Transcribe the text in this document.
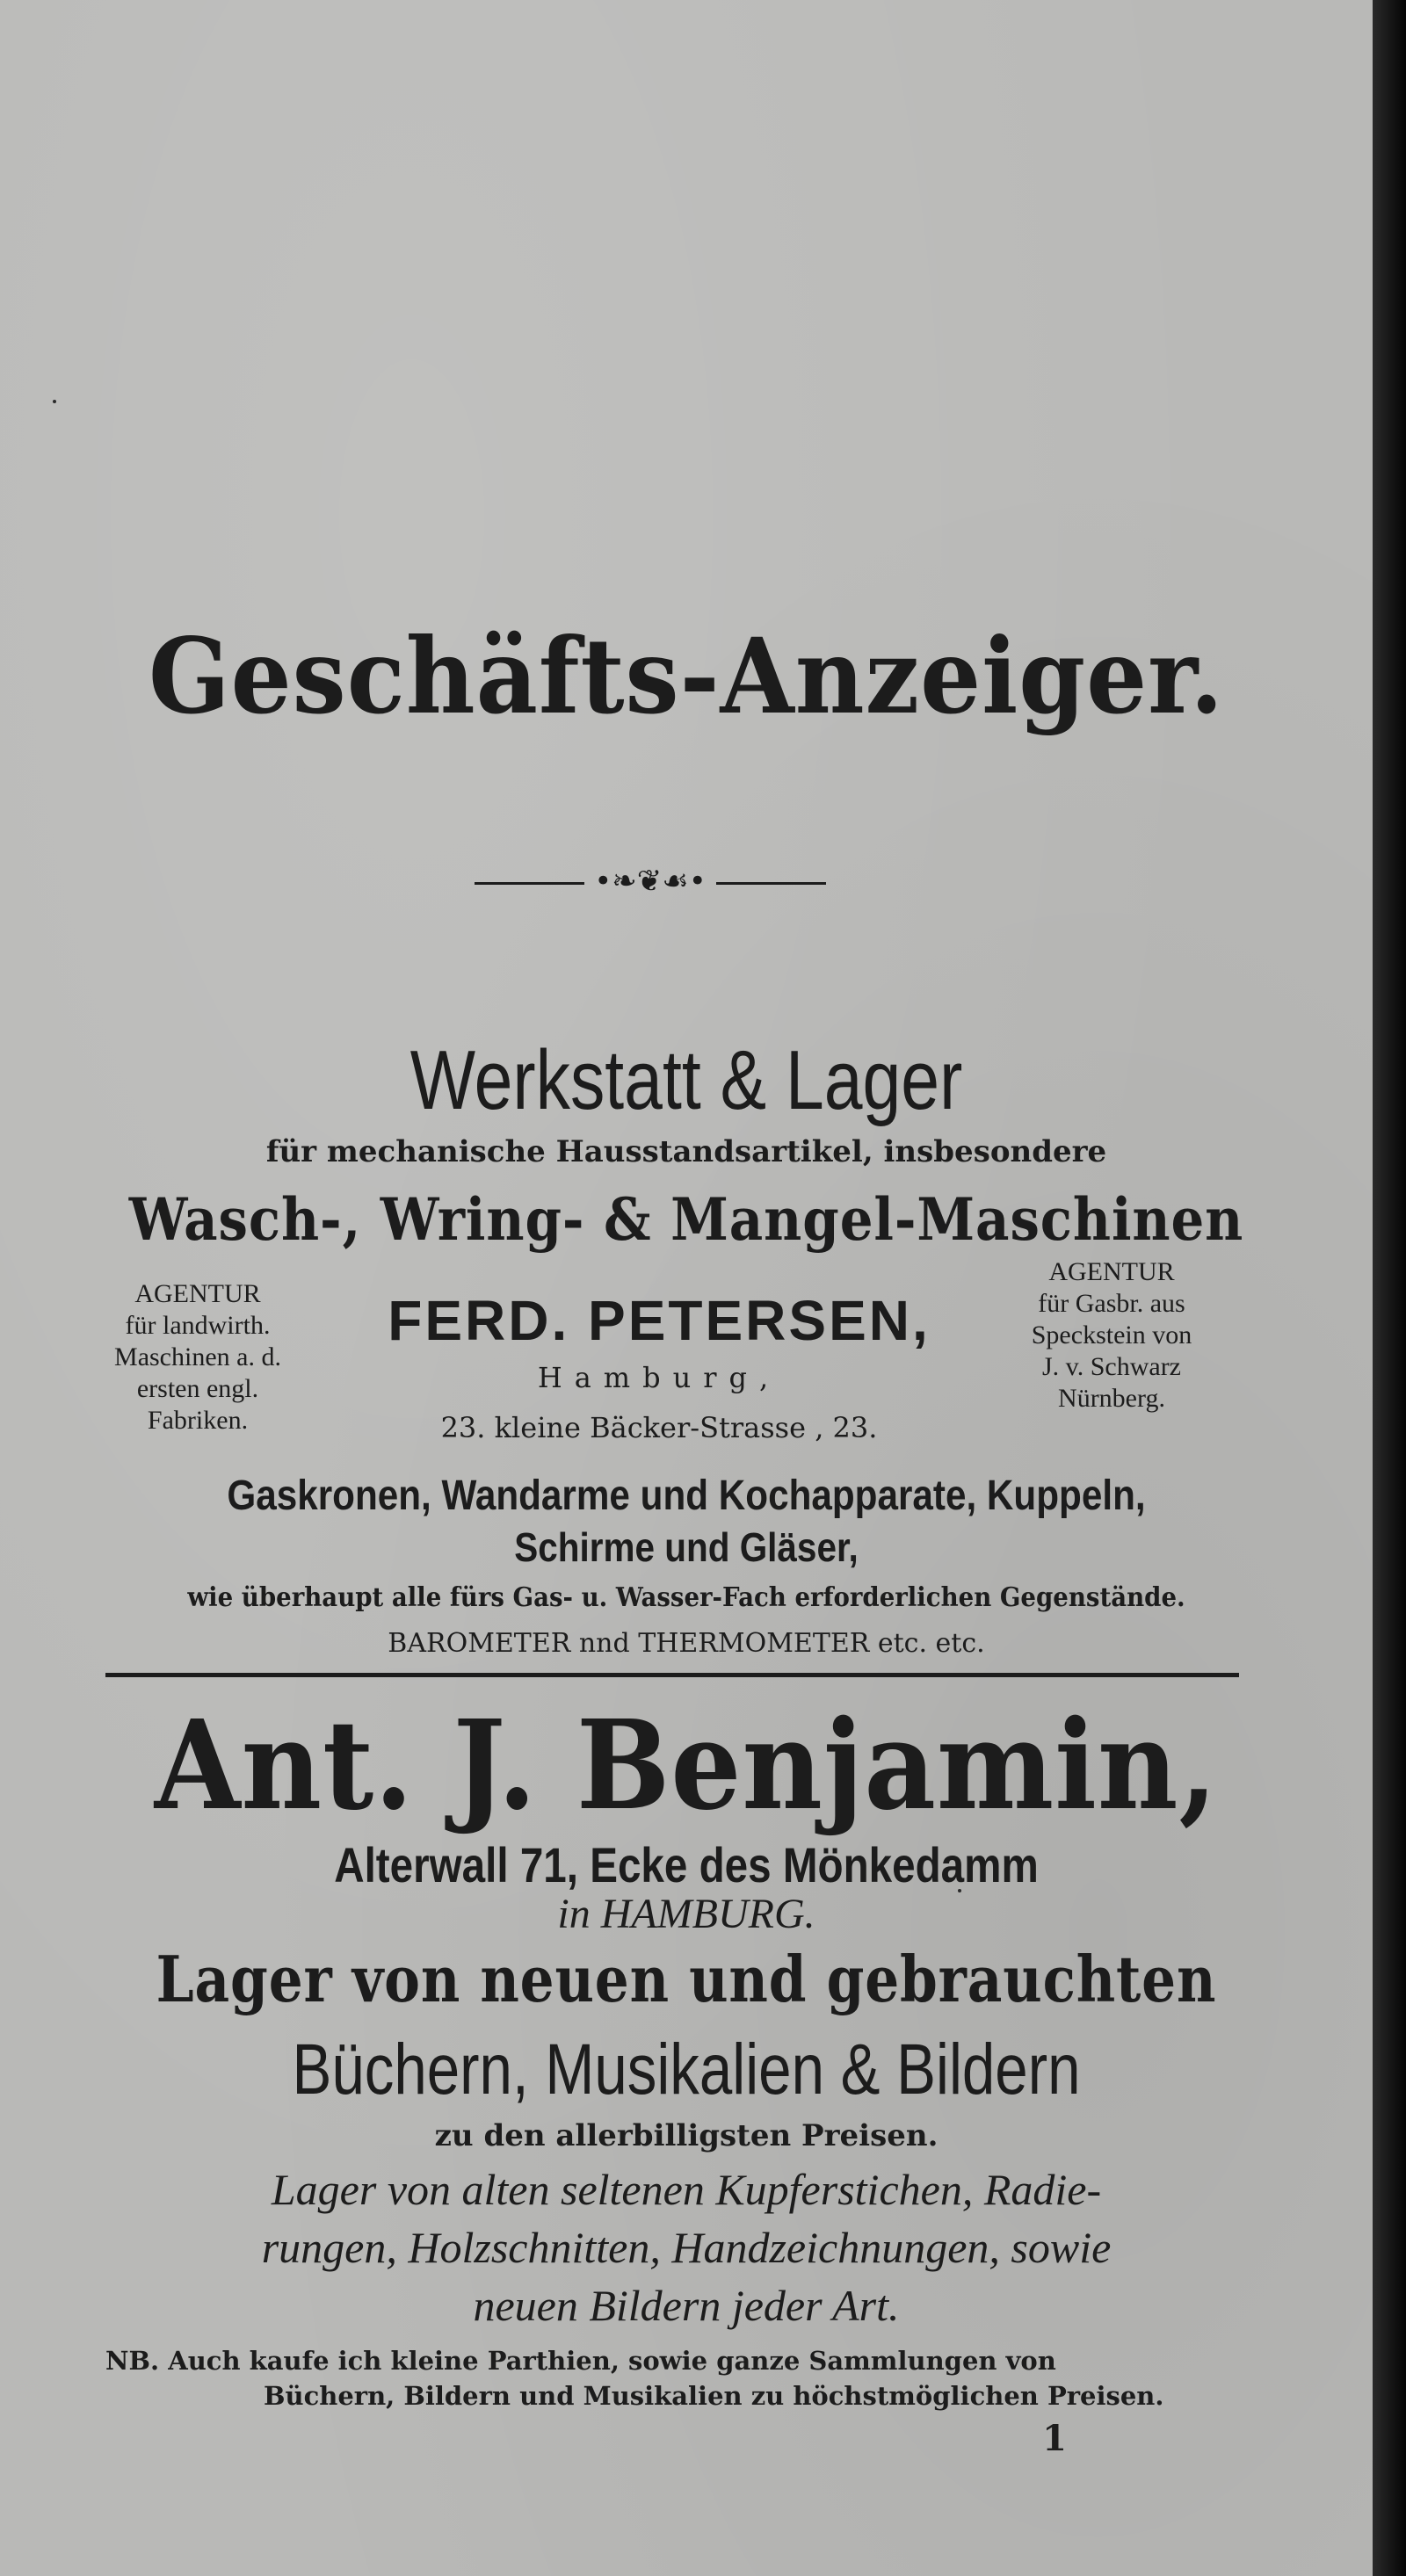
Geschäfts-Anzeiger.
•❧❦☙•
Werkstatt & Lager
für mechanische Hausstandsartikel, insbesondere
Wasch-, Wring- & Mangel-Maschinen
AGENTUR
für landwirth.
Maschinen a. d.
ersten engl.
Fabriken.
FERD. PETERSEN,
Hamburg,
23. kleine Bäcker-Strasse , 23.
AGENTUR
für Gasbr. aus
Speckstein von
J. v. Schwarz
Nürnberg.
Gaskronen, Wandarme und Kochapparate, Kuppeln,
Schirme und Gläser,
wie überhaupt alle fürs Gas- u. Wasser-Fach erforderlichen Gegenstände.
BAROMETER nnd THERMOMETER etc. etc.
Ant. J. Benjamin,
Alterwall 71, Ecke des Mönkedamm
in HAMBURG.
Lager von neuen und gebrauchten
Büchern, Musikalien & Bildern
zu den allerbilligsten Preisen.
Lager von alten seltenen Kupferstichen, Radie-
rungen, Holzschnitten, Handzeichnungen, sowie
neuen Bildern jeder Art.
NB. Auch kaufe ich kleine Parthien, sowie ganze Sammlungen von
Büchern, Bildern und Musikalien zu höchstmöglichen Preisen.
1
